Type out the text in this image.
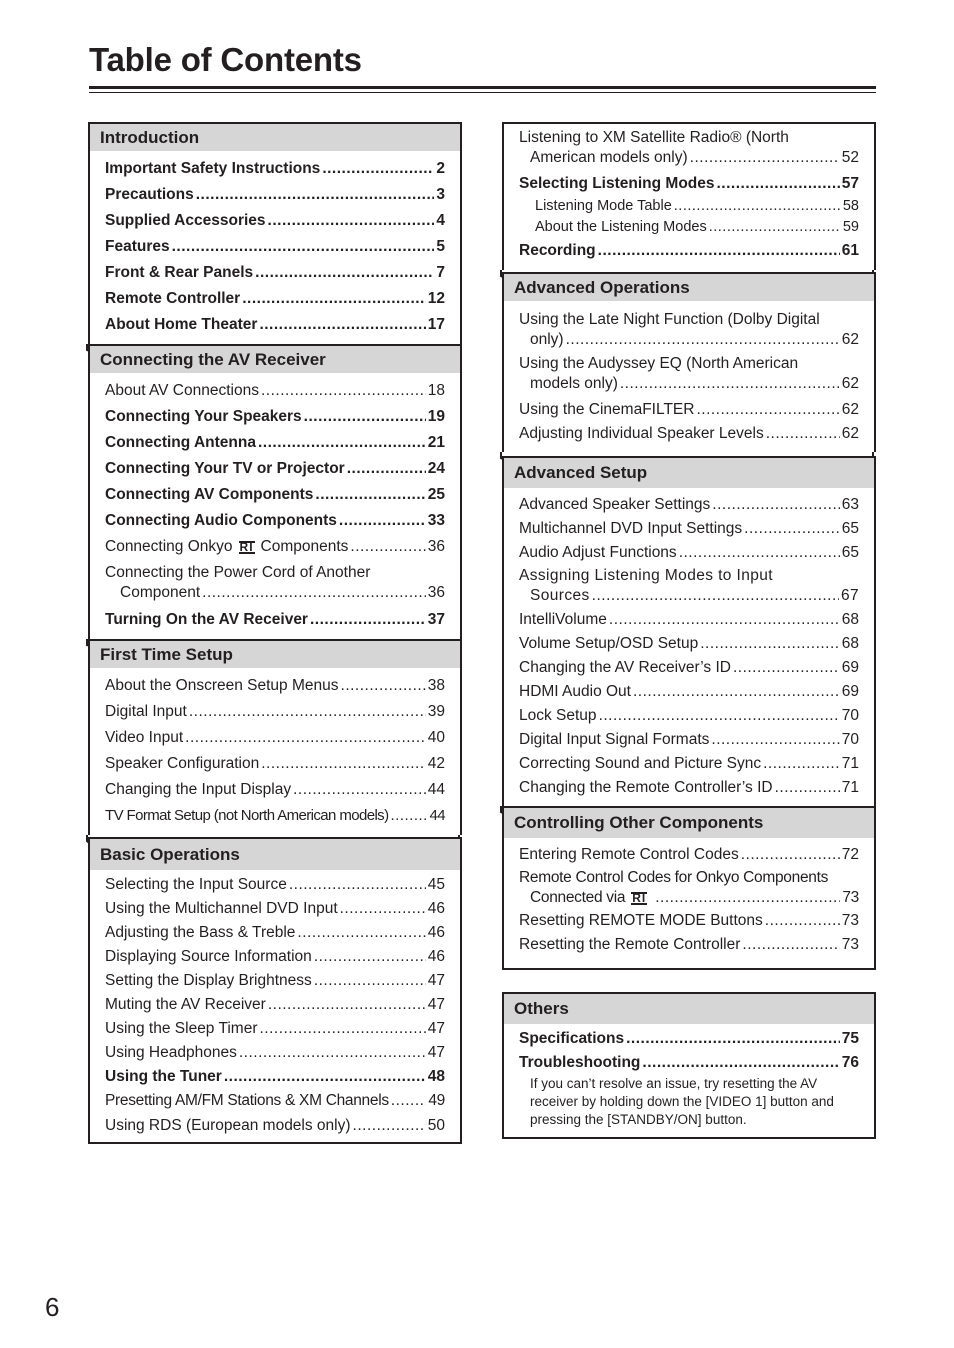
Table of Contents
Introduction
Important Safety Instructions .....	2
Precautions .....	3
Supplied Accessories .....	4
Features .....	5
Front & Rear Panels .....	7
Remote Controller .....	12
About Home Theater .....	17
Connecting the AV Receiver
About AV Connections .....	18
Connecting Your Speakers .....	19
Connecting Antenna .....	21
Connecting Your TV or Projector .....	24
Connecting AV Components .....	25
Connecting Audio Components .....	33
Connecting Onkyo RI Components .....	36
Connecting the Power Cord of Another
Component .....	36
Turning On the AV Receiver .....	37
First Time Setup
About the Onscreen Setup Menus .....	38
Digital Input .....	39
Video Input .....	40
Speaker Configuration .....	42
Changing the Input Display .....	44
TV Format Setup (not North American models) .....	44
Basic Operations
Selecting the Input Source .....	45
Using the Multichannel DVD Input .....	46
Adjusting the Bass & Treble .....	46
Displaying Source Information .....	46
Setting the Display Brightness .....	47
Muting the AV Receiver .....	47
Using the Sleep Timer .....	47
Using Headphones .....	47
Using the Tuner .....	48
Presetting AM/FM Stations & XM Channels .....	49
Using RDS (European models only) .....	50
Listening to XM Satellite Radio® (North
American models only) .....	52
Selecting Listening Modes .....	57
Listening Mode Table .....	58
About the Listening Modes .....	59
Recording .....	61
Advanced Operations
Using the Late Night Function (Dolby Digital
only) .....	62
Using the Audyssey EQ (North American
models only) .....	62
Using the CinemaFILTER .....	62
Adjusting Individual Speaker Levels .....	62
Advanced Setup
Advanced Speaker Settings .....	63
Multichannel DVD Input Settings .....	65
Audio Adjust Functions .....	65
Assigning Listening Modes to Input
Sources .....	67
IntelliVolume .....	68
Volume Setup/OSD Setup .....	68
Changing the AV Receiver’s ID .....	69
HDMI Audio Out .....	69
Lock Setup .....	70
Digital Input Signal Formats .....	70
Correcting Sound and Picture Sync .....	71
Changing the Remote Controller’s ID .....	71
Controlling Other Components
Entering Remote Control Codes .....	72
Remote Control Codes for Onkyo Components
Connected via RI .....	73
Resetting REMOTE MODE Buttons .....	73
Resetting the Remote Controller .....	73
Others
Specifications .....	75
Troubleshooting .....	76
If you can’t resolve an issue, try resetting the AV receiver by holding down the [VIDEO 1] button and pressing the [STANDBY/ON] button.
6
